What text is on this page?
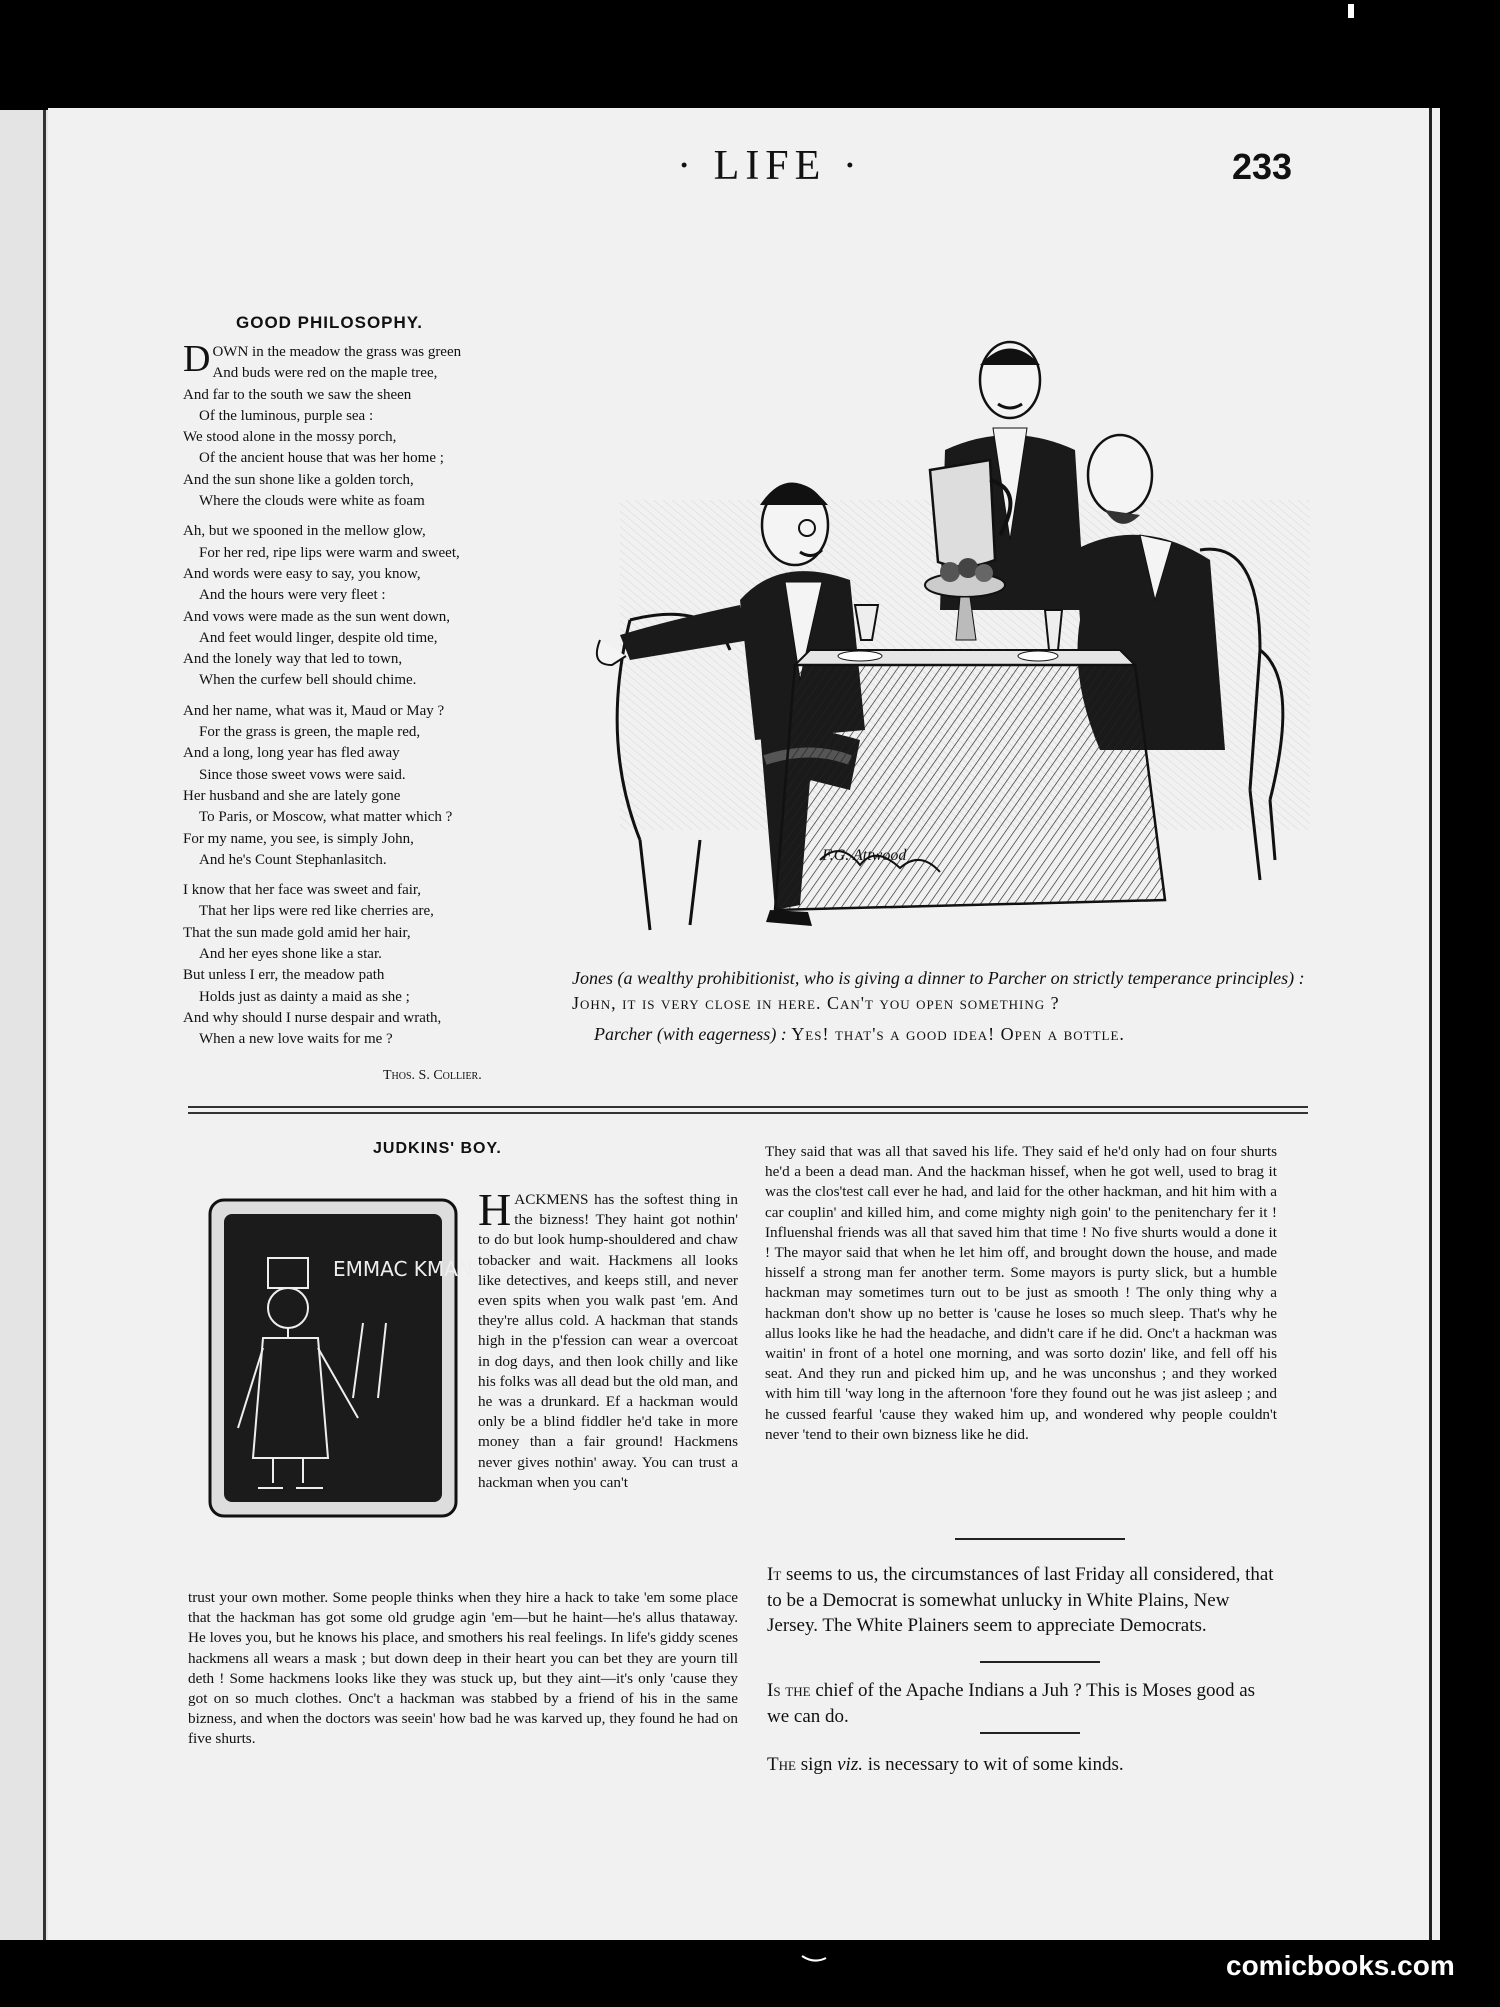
· LIFE ·	233
GOOD PHILOSOPHY.
DOWN in the meadow the grass was green
And buds were red on the maple tree,
And far to the south we saw the sheen
Of the luminous, purple sea :
We stood alone in the mossy porch,
Of the ancient house that was her home ;
And the sun shone like a golden torch,
Where the clouds were white as foam
Ah, but we spooned in the mellow glow,
For her red, ripe lips were warm and sweet,
And words were easy to say, you know,
And the hours were very fleet :
And vows were made as the sun went down,
And feet would linger, despite old time,
And the lonely way that led to town,
When the curfew bell should chime.
And her name, what was it, Maud or May ?
For the grass is green, the maple red,
And a long, long year has fled away
Since those sweet vows were said.
Her husband and she are lately gone
To Paris, or Moscow, what matter which ?
For my name, you see, is simply John,
And he's Count Stephanlasitch.
I know that her face was sweet and fair,
That her lips were red like cherries are,
That the sun made gold amid her hair,
And her eyes shone like a star.
But unless I err, the meadow path
Holds just as dainty a maid as she ;
And why should I nurse despair and wrath,
When a new love waits for me ?
Thos. S. Collier.
F.G. Attwood

Jones (a wealthy prohibitionist, who is giving a dinner to Parcher on strictly temperance principles) : John, it is very close in here. Can't you open something ?

Parcher (with eagerness) : Yes! that's a good idea! Open a bottle.

JUDKINS' BOY.
EMMAC KMAN
HACKMENS has the softest thing in the bizness! They haint got nothin' to do but look hump-shouldered and chaw tobacker and wait. Hackmens all looks like detectives, and keeps still, and never even spits when you walk past 'em. And they're allus cold. A hackman that stands high in the p'fession can wear a overcoat in dog days, and then look chilly and like his folks was all dead but the old man, and he was a drunkard. Ef a hackman would only be a blind fiddler he'd take in more money than a fair ground! Hackmens never gives nothin' away. You can trust a hackman when you can't
trust your own mother. Some people thinks when they hire a hack to take 'em some place that the hackman has got some old grudge agin 'em—but he haint—he's allus thataway. He loves you, but he knows his place, and smothers his real feelings. In life's giddy scenes hackmens all wears a mask ; but down deep in their heart you can bet they are yourn till deth ! Some hackmens looks like they was stuck up, but they aint—it's only 'cause they got on so much clothes. Onc't a hackman was stabbed by a friend of his in the same bizness, and when the doctors was seein' how bad he was karved up, they found he had on five shurts.
They said that was all that saved his life. They said ef he'd only had on four shurts he'd a been a dead man. And the hackman hissef, when he got well, used to brag it was the clos'test call ever he had, and laid for the other hackman, and hit him with a car couplin' and killed him, and come mighty nigh goin' to the penitenchary fer it ! Influenshal friends was all that saved him that time ! No five shurts would a done it ! The mayor said that when he let him off, and brought down the house, and made hisself a strong man fer another term. Some mayors is purty slick, but a humble hackman may sometimes turn out to be just as smooth ! The only thing why a hackman don't show up no better is 'cause he loses so much sleep. That's why he allus looks like he had the headache, and didn't care if he did. Onc't a hackman was waitin' in front of a hotel one morning, and was sorto dozin' like, and fell off his seat. And they run and picked him up, and he was unconshus ; and they worked with him till 'way long in the afternoon 'fore they found out he was jist asleep ; and he cussed fearful 'cause they waked him up, and wondered why people couldn't never 'tend to their own bizness like he did.
It seems to us, the circumstances of last Friday all considered, that to be a Democrat is somewhat unlucky in White Plains, New Jersey. The White Plainers seem to appreciate Democrats.
Is the chief of the Apache Indians a Juh ? This is Moses good as we can do.
The sign viz. is necessary to wit of some kinds.
comicbooks.com
